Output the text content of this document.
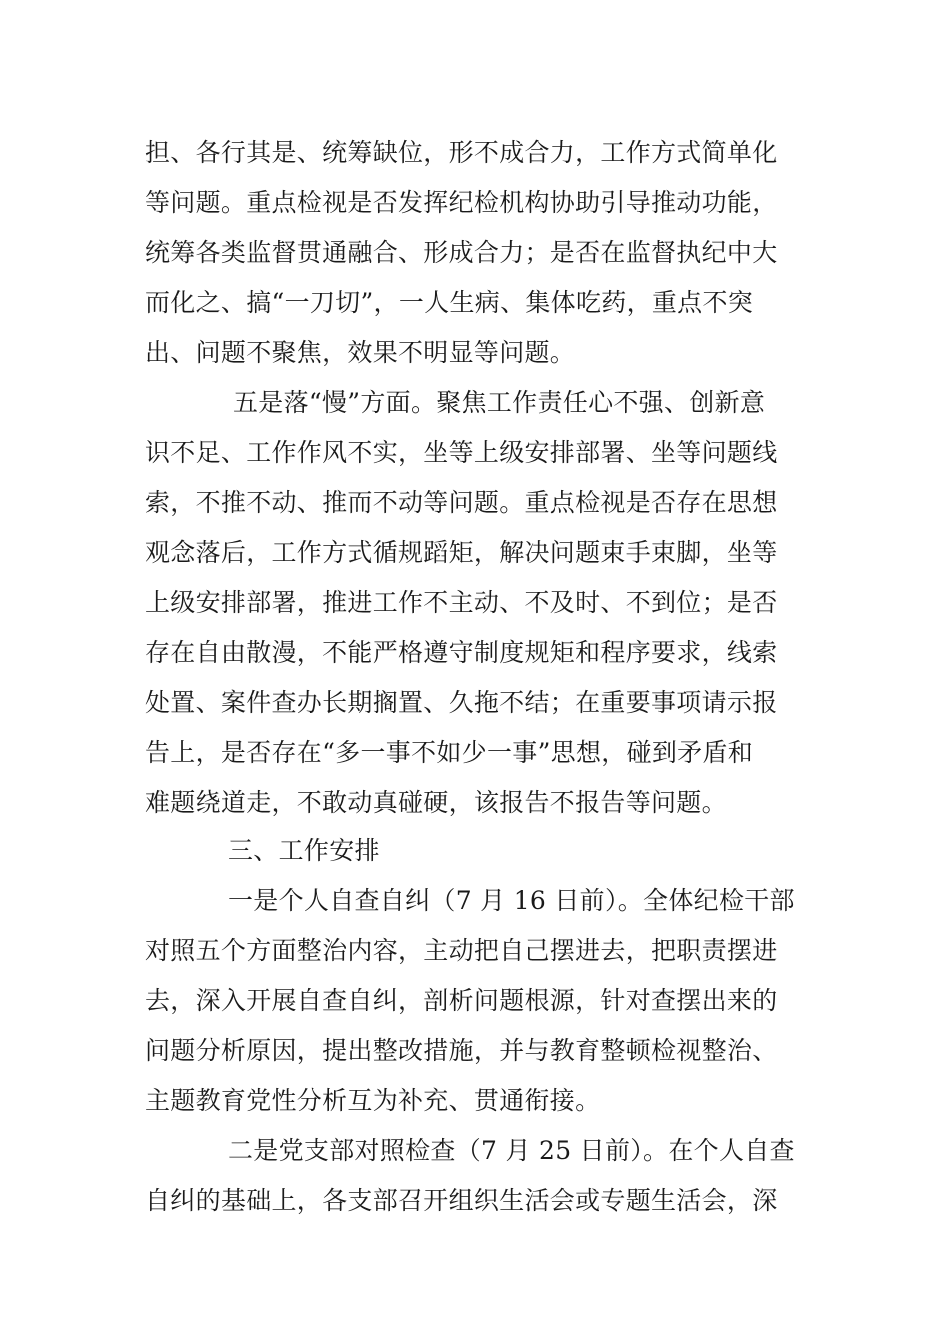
担、各行其是、统筹缺位，形不成合力，工作方式简单化

等问题。重点检视是否发挥纪检机构协助引导推动功能，

统筹各类监督贯通融合、形成合力；是否在监督执纪中大

而化之、搞“一刀切”，一人生病、集体吃药，重点不突

出、问题不聚焦，效果不明显等问题。

五是落“慢”方面。聚焦工作责任心不强、创新意

识不足、工作作风不实，坐等上级安排部署、坐等问题线

索，不推不动、推而不动等问题。重点检视是否存在思想

观念落后，工作方式循规蹈矩，解决问题束手束脚，坐等

上级安排部署，推进工作不主动、不及时、不到位；是否

存在自由散漫，不能严格遵守制度规矩和程序要求，线索

处置、案件查办长期搁置、久拖不结；在重要事项请示报

告上，是否存在“多一事不如少一事”思想，碰到矛盾和

难题绕道走，不敢动真碰硬，该报告不报告等问题。

三、工作安排

一是个人自查自纠（7 月 16 日前）。全体纪检干部

对照五个方面整治内容，主动把自己摆进去，把职责摆进

去，深入开展自查自纠，剖析问题根源，针对查摆出来的

问题分析原因，提出整改措施，并与教育整顿检视整治、

主题教育党性分析互为补充、贯通衔接。

二是党支部对照检查（7 月 25 日前）。在个人自查

自纠的基础上，各支部召开组织生活会或专题生活会，深
